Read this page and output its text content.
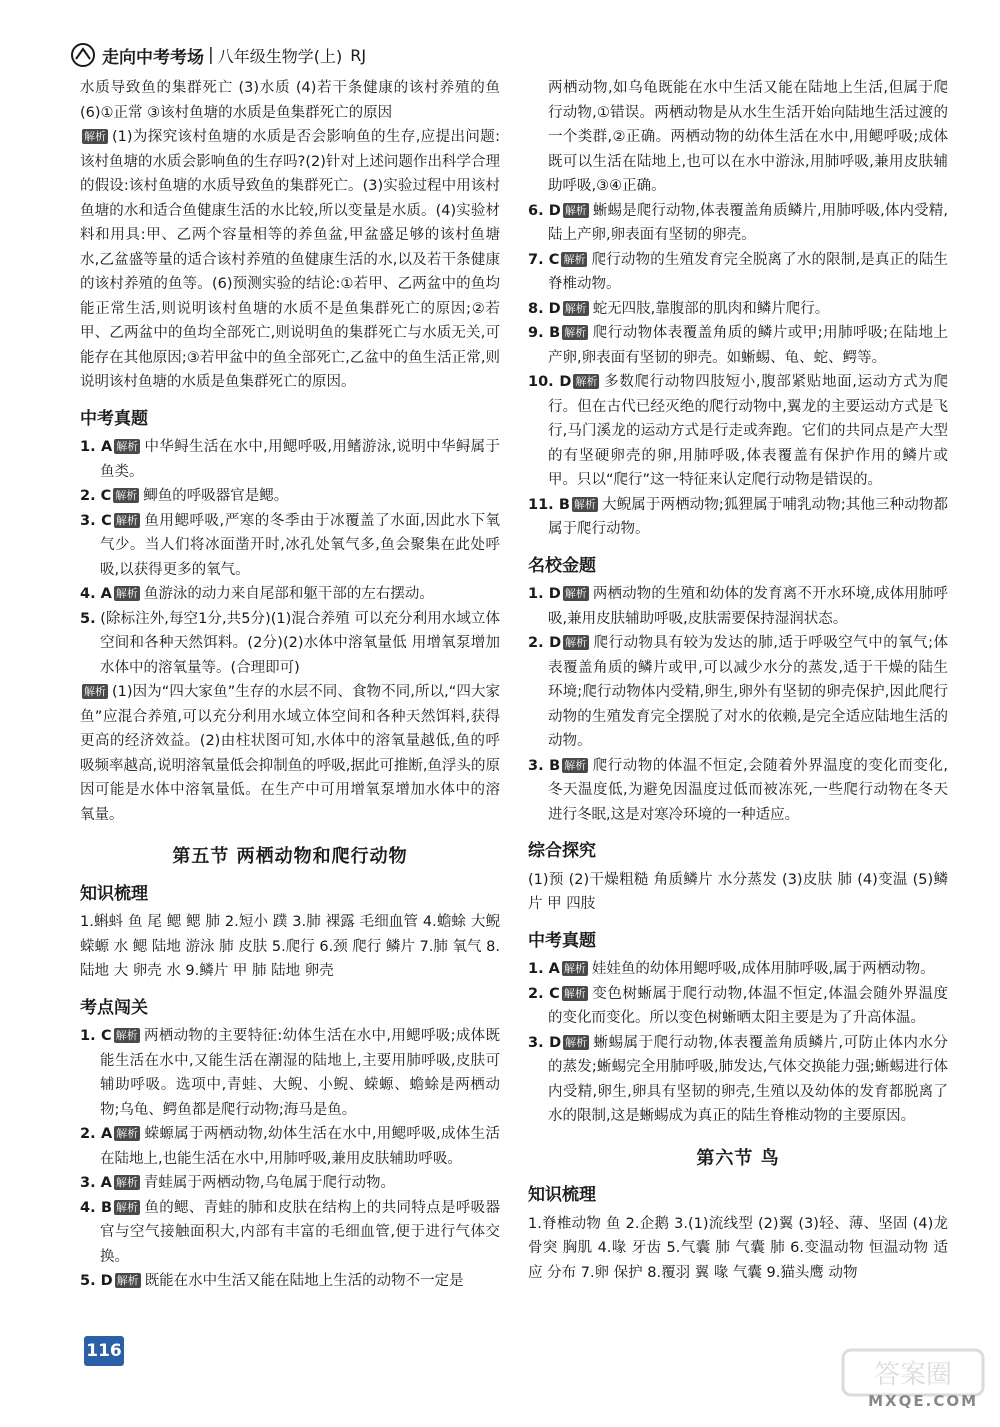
走向中考考场 | 八年级生物学(上) RJ

水质导致鱼的集群死亡 (3)水质 (4)若干条健康的该村养殖的鱼 (6)①正常 ③该村鱼塘的水质是鱼集群死亡的原因

解析 (1)为探究该村鱼塘的水质是否会影响鱼的生存,应提出问题:该村鱼塘的水质会影响鱼的生存吗?(2)针对上述问题作出科学合理的假设:该村鱼塘的水质导致鱼的集群死亡。(3)实验过程中用该村鱼塘的水和适合鱼健康生活的水比较,所以变量是水质。(4)实验材料和用具:甲、乙两个容量相等的养鱼盆,甲盆盛足够的该村鱼塘水,乙盆盛等量的适合该村养殖的鱼健康生活的水,以及若干条健康的该村养殖的鱼等。(6)预测实验的结论:①若甲、乙两盆中的鱼均能正常生活,则说明该村鱼塘的水质不是鱼集群死亡的原因;②若甲、乙两盆中的鱼均全部死亡,则说明鱼的集群死亡与水质无关,可能存在其他原因;③若甲盆中的鱼全部死亡,乙盆中的鱼生活正常,则说明该村鱼塘的水质是鱼集群死亡的原因。

中考真题

1. A 解析 中华鲟生活在水中,用鳃呼吸,用鳍游泳,说明中华鲟属于鱼类。

2. C 解析 鲫鱼的呼吸器官是鳃。

3. C 解析 鱼用鳃呼吸,严寒的冬季由于冰覆盖了水面,因此水下氧气少。当人们将冰面凿开时,冰孔处氧气多,鱼会聚集在此处呼吸,以获得更多的氧气。

4. A 解析 鱼游泳的动力来自尾部和躯干部的左右摆动。

5. (除标注外,每空1分,共5分)(1)混合养殖 可以充分利用水域立体空间和各种天然饵料。(2分)(2)水体中溶氧量低 用增氧泵增加水体中的溶氧量等。(合理即可)

解析 (1)因为“四大家鱼”生存的水层不同、食物不同,所以,“四大家鱼”应混合养殖,可以充分利用水域立体空间和各种天然饵料,获得更高的经济效益。(2)由柱状图可知,水体中的溶氧量越低,鱼的呼吸频率越高,说明溶氧量低会抑制鱼的呼吸,据此可推断,鱼浮头的原因可能是水体中溶氧量低。在生产中可用增氧泵增加水体中的溶氧量。

第五节 两栖动物和爬行动物
知识梳理

1.蝌蚪 鱼 尾 鳃 鳃 肺 2.短小 蹼 3.肺 裸露 毛细血管 4.蟾蜍 大鲵 蝾螈 水 鳃 陆地 游泳 肺 皮肤 5.爬行 6.颈 爬行 鳞片 7.肺 氧气 8.陆地 大 卵壳 水 9.鳞片 甲 肺 陆地 卵壳

考点闯关

1. C 解析 两栖动物的主要特征:幼体生活在水中,用鳃呼吸;成体既能生活在水中,又能生活在潮湿的陆地上,主要用肺呼吸,皮肤可辅助呼吸。选项中,青蛙、大鲵、小鲵、蝾螈、蟾蜍是两栖动物;乌龟、鳄鱼都是爬行动物;海马是鱼。

2. A 解析 蝾螈属于两栖动物,幼体生活在水中,用鳃呼吸,成体生活在陆地上,也能生活在水中,用肺呼吸,兼用皮肤辅助呼吸。

3. A 解析 青蛙属于两栖动物,乌龟属于爬行动物。

4. B 解析 鱼的鳃、青蛙的肺和皮肤在结构上的共同特点是呼吸器官与空气接触面积大,内部有丰富的毛细血管,便于进行气体交换。

5. D 解析 既能在水中生活又能在陆地上生活的动物不一定是

两栖动物,如乌龟既能在水中生活又能在陆地上生活,但属于爬行动物,①错误。两栖动物是从水生生活开始向陆地生活过渡的一个类群,②正确。两栖动物的幼体生活在水中,用鳃呼吸;成体既可以生活在陆地上,也可以在水中游泳,用肺呼吸,兼用皮肤辅助呼吸,③④正确。

6. D 解析 蜥蜴是爬行动物,体表覆盖角质鳞片,用肺呼吸,体内受精,陆上产卵,卵表面有坚韧的卵壳。

7. C 解析 爬行动物的生殖发育完全脱离了水的限制,是真正的陆生脊椎动物。

8. D 解析 蛇无四肢,靠腹部的肌肉和鳞片爬行。

9. B 解析 爬行动物体表覆盖角质的鳞片或甲;用肺呼吸;在陆地上产卵,卵表面有坚韧的卵壳。如蜥蜴、龟、蛇、鳄等。

10. D 解析 多数爬行动物四肢短小,腹部紧贴地面,运动方式为爬行。但在古代已经灭绝的爬行动物中,翼龙的主要运动方式是飞行,马门溪龙的运动方式是行走或奔跑。它们的共同点是产大型的有坚硬卵壳的卵,用肺呼吸,体表覆盖有保护作用的鳞片或甲。只以“爬行”这一特征来认定爬行动物是错误的。

11. B 解析 大鲵属于两栖动物;狐狸属于哺乳动物;其他三种动物都属于爬行动物。

名校金题

1. D 解析 两栖动物的生殖和幼体的发育离不开水环境,成体用肺呼吸,兼用皮肤辅助呼吸,皮肤需要保持湿润状态。

2. D 解析 爬行动物具有较为发达的肺,适于呼吸空气中的氧气;体表覆盖角质的鳞片或甲,可以减少水分的蒸发,适于干燥的陆生环境;爬行动物体内受精,卵生,卵外有坚韧的卵壳保护,因此爬行动物的生殖发育完全摆脱了对水的依赖,是完全适应陆地生活的动物。

3. B 解析 爬行动物的体温不恒定,会随着外界温度的变化而变化,冬天温度低,为避免因温度过低而被冻死,一些爬行动物在冬天进行冬眠,这是对寒冷环境的一种适应。

综合探究

(1)预 (2)干燥粗糙 角质鳞片 水分蒸发 (3)皮肤 肺 (4)变温 (5)鳞片 甲 四肢

中考真题

1. A 解析 娃娃鱼的幼体用鳃呼吸,成体用肺呼吸,属于两栖动物。

2. C 解析 变色树蜥属于爬行动物,体温不恒定,体温会随外界温度的变化而变化。所以变色树蜥晒太阳主要是为了升高体温。

3. D 解析 蜥蜴属于爬行动物,体表覆盖角质鳞片,可防止体内水分的蒸发;蜥蜴完全用肺呼吸,肺发达,气体交换能力强;蜥蜴进行体内受精,卵生,卵具有坚韧的卵壳,生殖以及幼体的发育都脱离了水的限制,这是蜥蜴成为真正的陆生脊椎动物的主要原因。

第六节 鸟
知识梳理

1.脊椎动物 鱼 2.企鹅 3.(1)流线型 (2)翼 (3)轻、薄、坚固 (4)龙骨突 胸肌 4.喙 牙齿 5.气囊 肺 气囊 肺 6.变温动物 恒温动物 适应 分布 7.卵 保护 8.覆羽 翼 喙 气囊 9.猫头鹰 动物

116
答案圈
MXQE.COM
